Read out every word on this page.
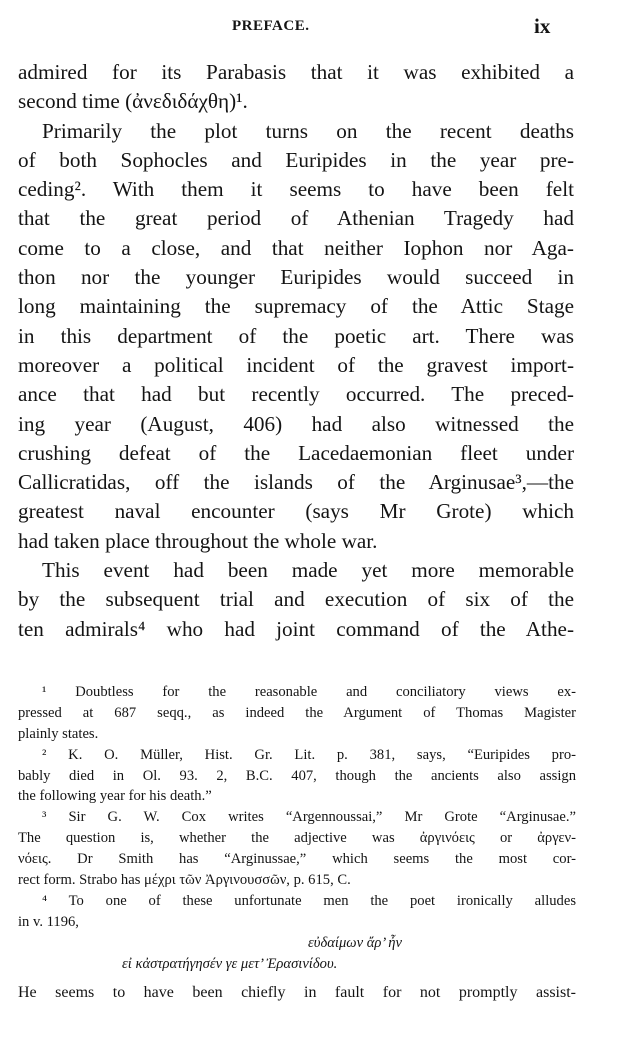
PREFACE.	ix
admired for its Parabasis that it was exhibited a
second time (ἀνεδιδάχθη)¹.
Primarily the plot turns on the recent deaths
of both Sophocles and Euripides in the year pre-
ceding². With them it seems to have been felt
that the great period of Athenian Tragedy had
come to a close, and that neither Iophon nor Aga-
thon nor the younger Euripides would succeed in
long maintaining the supremacy of the Attic Stage
in this department of the poetic art. There was
moreover a political incident of the gravest import-
ance that had but recently occurred. The preced-
ing year (August, 406) had also witnessed the
crushing defeat of the Lacedaemonian fleet under
Callicratidas, off the islands of the Arginusae³,—the
greatest naval encounter (says Mr Grote) which
had taken place throughout the whole war.
This event had been made yet more memorable
by the subsequent trial and execution of six of the
ten admirals⁴ who had joint command of the Athe-
¹ Doubtless for the reasonable and conciliatory views ex-
pressed at 687 seqq., as indeed the Argument of Thomas Magister
plainly states.
² K. O. Müller, Hist. Gr. Lit. p. 381, says, “Euripides pro-
bably died in Ol. 93. 2, B.C. 407, though the ancients also assign
the following year for his death.”
³ Sir G. W. Cox writes “Argennoussai,” Mr Grote “Arginusae.”
The question is, whether the adjective was ἀργινόεις or ἀργεν-
νόεις. Dr Smith has “Arginussae,” which seems the most cor-
rect form. Strabo has μέχρι τῶν Ἀργινουσσῶν, p. 615, C.
⁴ To one of these unfortunate men the poet ironically alludes
in v. 1196,
εὐδαίμων ἄρ’ ἦν
εἰ κἀστρατήγησέν γε μετ’ Ἐρασινίδου.
He seems to have been chiefly in fault for not promptly assist-
